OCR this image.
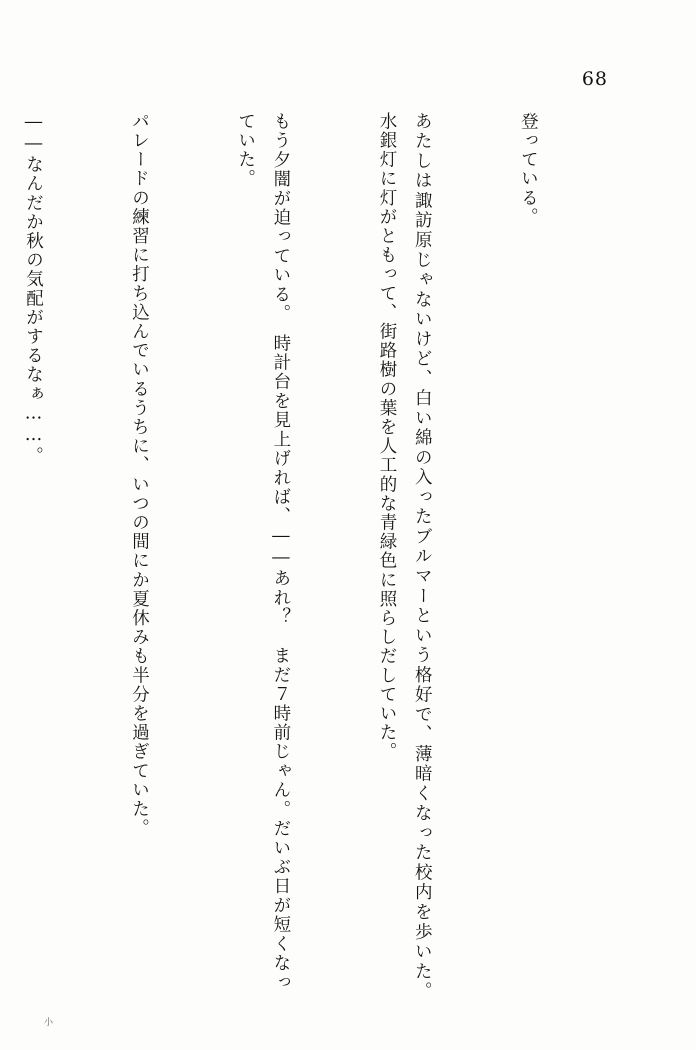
68

登っている。

あたしは諏訪原じゃないけど、白い綿の入ったブルマーという格好で、薄暗くなった校内を歩いた。　水銀灯に灯がともって、街路樹の葉を人工的な青緑色に照らしだしていた。

もう夕闇が迫っている。　時計台を見上げれば、――あれ？　まだ７時前じゃん。だいぶ日が短くなっていた。

パレードの練習に打ち込んでいるうちに、いつの間にか夏休みも半分を過ぎていた。

――なんだか秋の気配がするなぁ……。

小
